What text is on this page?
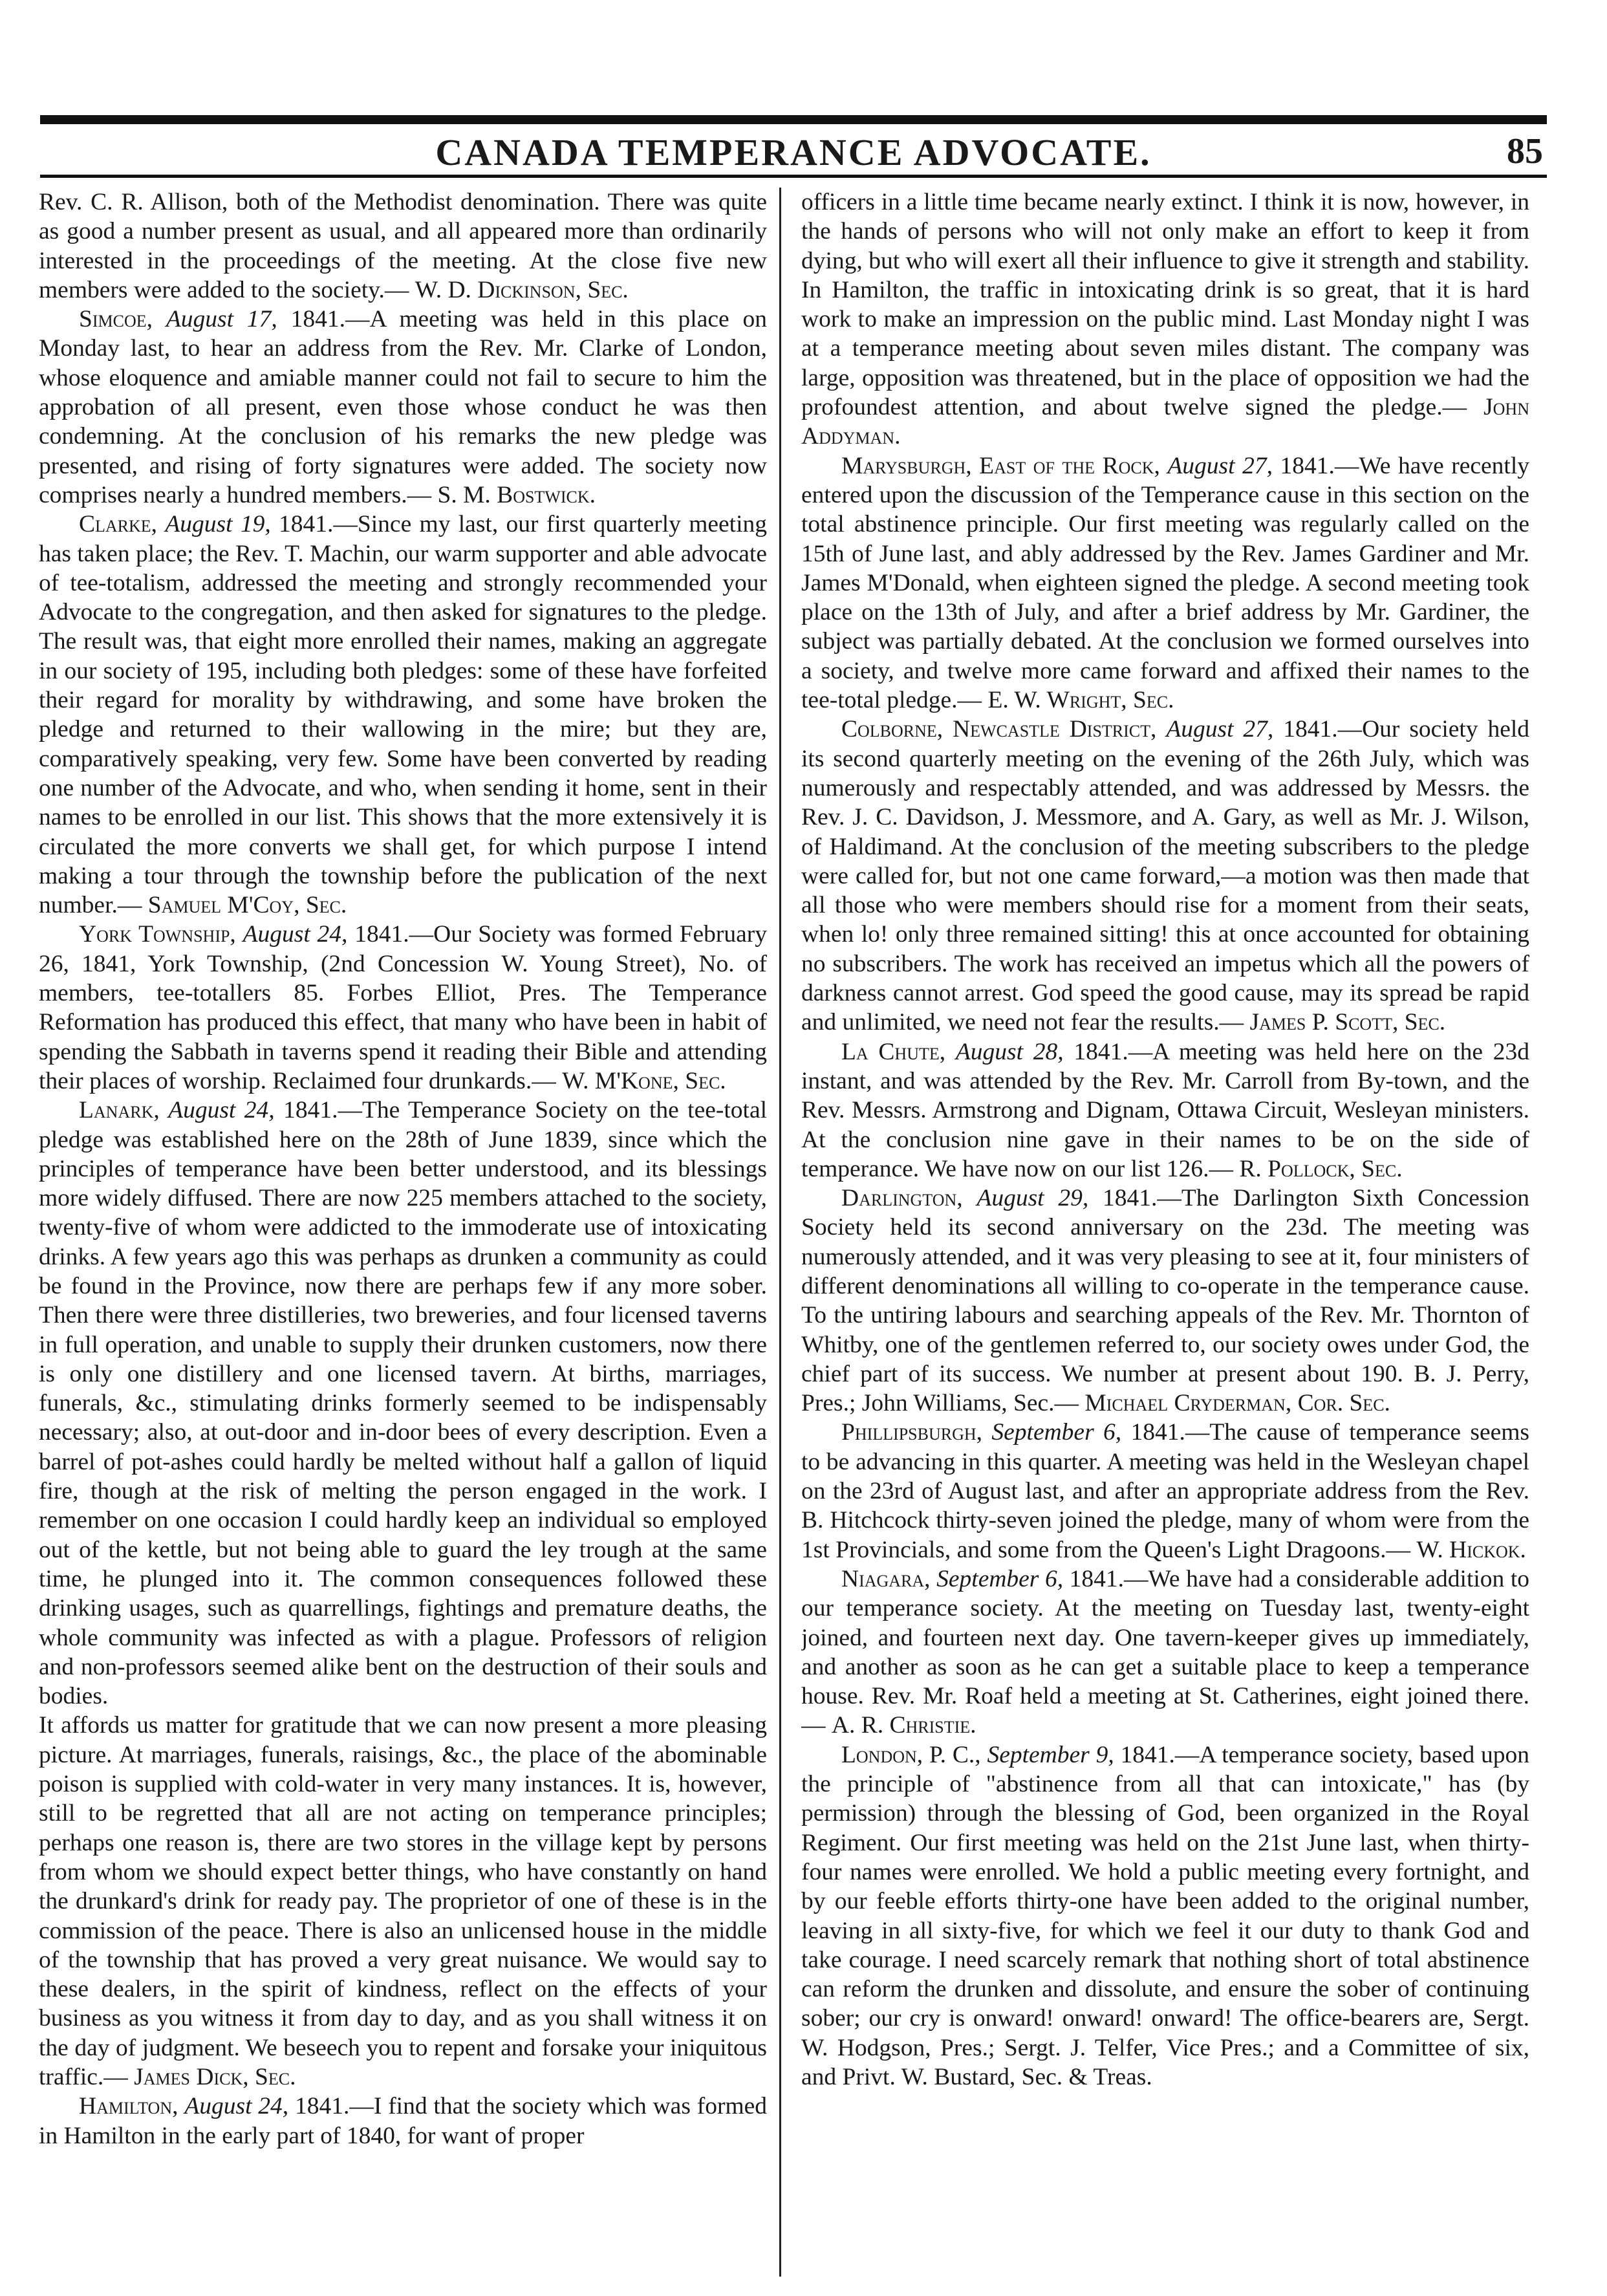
CANADA TEMPERANCE ADVOCATE.	85

Rev. C. R. Allison, both of the Methodist denomination. There was quite as good a number present as usual, and all appeared more than ordinarily interested in the proceedings of the meeting. At the close five new members were added to the society.— W. D. Dickinson, Sec.

Simcoe, August 17, 1841.—A meeting was held in this place on Monday last, to hear an address from the Rev. Mr. Clarke of London, whose eloquence and amiable manner could not fail to secure to him the approbation of all present, even those whose conduct he was then condemning. At the conclusion of his remarks the new pledge was presented, and rising of forty signatures were added. The society now comprises nearly a hundred members.— S. M. Bostwick.

Clarke, August 19, 1841.—Since my last, our first quarterly meeting has taken place; the Rev. T. Machin, our warm supporter and able advocate of tee-totalism, addressed the meeting and strongly recommended your Advocate to the congregation, and then asked for signatures to the pledge. The result was, that eight more enrolled their names, making an aggregate in our society of 195, including both pledges: some of these have forfeited their regard for morality by withdrawing, and some have broken the pledge and returned to their wallowing in the mire; but they are, comparatively speaking, very few. Some have been converted by reading one number of the Advocate, and who, when sending it home, sent in their names to be enrolled in our list. This shows that the more extensively it is circulated the more converts we shall get, for which purpose I intend making a tour through the township before the publication of the next number.— Samuel M'Coy, Sec.

York Township, August 24, 1841.—Our Society was formed February 26, 1841, York Township, (2nd Concession W. Young Street), No. of members, tee-totallers 85. Forbes Elliot, Pres. The Temperance Reformation has produced this effect, that many who have been in habit of spending the Sabbath in taverns spend it reading their Bible and attending their places of worship. Reclaimed four drunkards.— W. M'Kone, Sec.

Lanark, August 24, 1841.—The Temperance Society on the tee-total pledge was established here on the 28th of June 1839, since which the principles of temperance have been better understood, and its blessings more widely diffused. There are now 225 members attached to the society, twenty-five of whom were addicted to the immoderate use of intoxicating drinks. A few years ago this was perhaps as drunken a community as could be found in the Province, now there are perhaps few if any more sober. Then there were three distilleries, two breweries, and four licensed taverns in full operation, and unable to supply their drunken customers, now there is only one distillery and one licensed tavern. At births, marriages, funerals, &c., stimulating drinks formerly seemed to be indispensably necessary; also, at out-door and in-door bees of every description. Even a barrel of pot-ashes could hardly be melted without half a gallon of liquid fire, though at the risk of melting the person engaged in the work. I remember on one occasion I could hardly keep an individual so employed out of the kettle, but not being able to guard the ley trough at the same time, he plunged into it. The common consequences followed these drinking usages, such as quarrellings, fightings and premature deaths, the whole community was infected as with a plague. Professors of religion and non-professors seemed alike bent on the destruction of their souls and bodies.

It affords us matter for gratitude that we can now present a more pleasing picture. At marriages, funerals, raisings, &c., the place of the abominable poison is supplied with cold-water in very many instances. It is, however, still to be regretted that all are not acting on temperance principles; perhaps one reason is, there are two stores in the village kept by persons from whom we should expect better things, who have constantly on hand the drunkard's drink for ready pay. The proprietor of one of these is in the commission of the peace. There is also an unlicensed house in the middle of the township that has proved a very great nuisance. We would say to these dealers, in the spirit of kindness, reflect on the effects of your business as you witness it from day to day, and as you shall witness it on the day of judgment. We beseech you to repent and forsake your iniquitous traffic.— James Dick, Sec.

Hamilton, August 24, 1841.—I find that the society which was formed in Hamilton in the early part of 1840, for want of proper

officers in a little time became nearly extinct. I think it is now, however, in the hands of persons who will not only make an effort to keep it from dying, but who will exert all their influence to give it strength and stability. In Hamilton, the traffic in intoxicating drink is so great, that it is hard work to make an impression on the public mind. Last Monday night I was at a temperance meeting about seven miles distant. The company was large, opposition was threatened, but in the place of opposition we had the profoundest attention, and about twelve signed the pledge.— John Addyman.

Marysburgh, East of the Rock, August 27, 1841.—We have recently entered upon the discussion of the Temperance cause in this section on the total abstinence principle. Our first meeting was regularly called on the 15th of June last, and ably addressed by the Rev. James Gardiner and Mr. James M'Donald, when eighteen signed the pledge. A second meeting took place on the 13th of July, and after a brief address by Mr. Gardiner, the subject was partially debated. At the conclusion we formed ourselves into a society, and twelve more came forward and affixed their names to the tee-total pledge.— E. W. Wright, Sec.

Colborne, Newcastle District, August 27, 1841.—Our society held its second quarterly meeting on the evening of the 26th July, which was numerously and respectably attended, and was addressed by Messrs. the Rev. J. C. Davidson, J. Messmore, and A. Gary, as well as Mr. J. Wilson, of Haldimand. At the conclusion of the meeting subscribers to the pledge were called for, but not one came forward,—a motion was then made that all those who were members should rise for a moment from their seats, when lo! only three remained sitting! this at once accounted for obtaining no subscribers. The work has received an impetus which all the powers of darkness cannot arrest. God speed the good cause, may its spread be rapid and unlimited, we need not fear the results.— James P. Scott, Sec.

La Chute, August 28, 1841.—A meeting was held here on the 23d instant, and was attended by the Rev. Mr. Carroll from By-town, and the Rev. Messrs. Armstrong and Dignam, Ottawa Circuit, Wesleyan ministers. At the conclusion nine gave in their names to be on the side of temperance. We have now on our list 126.— R. Pollock, Sec.

Darlington, August 29, 1841.—The Darlington Sixth Concession Society held its second anniversary on the 23d. The meeting was numerously attended, and it was very pleasing to see at it, four ministers of different denominations all willing to co-operate in the temperance cause. To the untiring labours and searching appeals of the Rev. Mr. Thornton of Whitby, one of the gentlemen referred to, our society owes under God, the chief part of its success. We number at present about 190. B. J. Perry, Pres.; John Williams, Sec.— Michael Cryderman, Cor. Sec.

Phillipsburgh, September 6, 1841.—The cause of temperance seems to be advancing in this quarter. A meeting was held in the Wesleyan chapel on the 23rd of August last, and after an appropriate address from the Rev. B. Hitchcock thirty-seven joined the pledge, many of whom were from the 1st Provincials, and some from the Queen's Light Dragoons.— W. Hickok.

Niagara, September 6, 1841.—We have had a considerable addition to our temperance society. At the meeting on Tuesday last, twenty-eight joined, and fourteen next day. One tavern-keeper gives up immediately, and another as soon as he can get a suitable place to keep a temperance house. Rev. Mr. Roaf held a meeting at St. Catherines, eight joined there.— A. R. Christie.

London, P. C., September 9, 1841.—A temperance society, based upon the principle of "abstinence from all that can intoxicate," has (by permission) through the blessing of God, been organized in the Royal Regiment. Our first meeting was held on the 21st June last, when thirty-four names were enrolled. We hold a public meeting every fortnight, and by our feeble efforts thirty-one have been added to the original number, leaving in all sixty-five, for which we feel it our duty to thank God and take courage. I need scarcely remark that nothing short of total abstinence can reform the drunken and dissolute, and ensure the sober of continuing sober; our cry is onward! onward! onward! The office-bearers are, Sergt. W. Hodgson, Pres.; Sergt. J. Telfer, Vice Pres.; and a Committee of six, and Privt. W. Bustard, Sec. & Treas.
